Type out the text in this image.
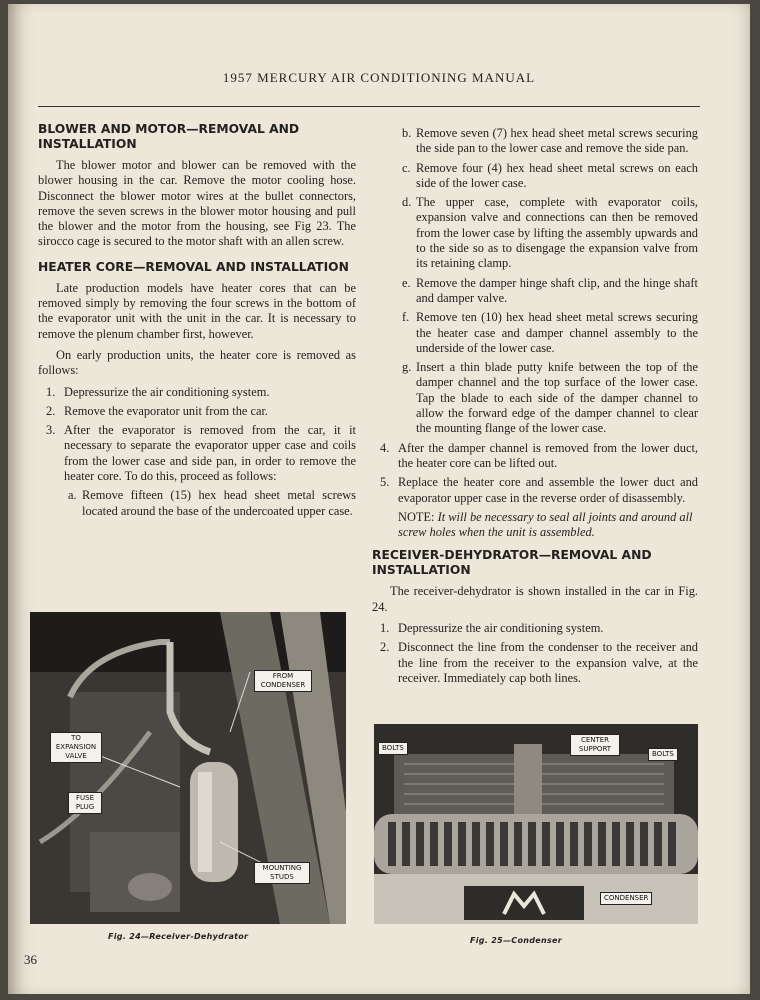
1957 MERCURY AIR CONDITIONING MANUAL
BLOWER AND MOTOR—REMOVAL AND INSTALLATION

The blower motor and blower can be removed with the blower housing in the car. Remove the motor cooling hose. Disconnect the blower motor wires at the bullet connectors, remove the seven screws in the blower motor housing and pull the blower and the motor from the housing, see Fig 23. The sirocco cage is secured to the motor shaft with an allen screw.

HEATER CORE—REMOVAL AND INSTALLATION

Late production models have heater cores that can be removed simply by removing the four screws in the bottom of the evaporator unit with the unit in the car. It is necessary to remove the plenum chamber first, however.

On early production units, the heater core is removed as follows:

1. Depressurize the air conditioning system.
2. Remove the evaporator unit from the car.
3. After the evaporator is removed from the car, it it necessary to separate the evaporator upper case and coils from the lower case and side pan, in order to remove the heater core. To do this, proceed as follows:
a. Remove fifteen (15) hex head sheet metal screws located around the base of the undercoated upper case.
b. Remove seven (7) hex head sheet metal screws securing the side pan to the lower case and remove the side pan.
c. Remove four (4) hex head sheet metal screws on each side of the lower case.
d. The upper case, complete with evaporator coils, expansion valve and connections can then be removed from the lower case by lifting the assembly upwards and to the side so as to disengage the expansion valve from its retaining clamp.
e. Remove the damper hinge shaft clip, and the hinge shaft and damper valve.
f. Remove ten (10) hex head sheet metal screws securing the heater case and damper channel assembly to the underside of the lower case.
g. Insert a thin blade putty knife between the top of the damper channel and the top surface of the lower case. Tap the blade to each side of the damper channel to allow the forward edge of the damper channel to clear the mounting flange of the lower case.
4. After the damper channel is removed from the lower duct, the heater core can be lifted out.
5. Replace the heater core and assemble the lower duct and evaporator upper case in the reverse order of disassembly.
NOTE: It will be necessary to seal all joints and around all screw holes when the unit is assembled.
RECEIVER-DEHYDRATOR—REMOVAL AND INSTALLATION

The receiver-dehydrator is shown installed in the car in Fig. 24.

1. Depressurize the air conditioning system.
2. Disconnect the line from the condenser to the receiver and the line from the receiver to the expansion valve, at the receiver. Immediately cap both lines.
FROM CONDENSER
TO EXPANSION VALVE
FUSE PLUG
MOUNTING STUDS
Fig. 24—Receiver-Dehydrator
BOLTS
CENTER SUPPORT
BOLTS
CONDENSER
Fig. 25—Condenser
36
